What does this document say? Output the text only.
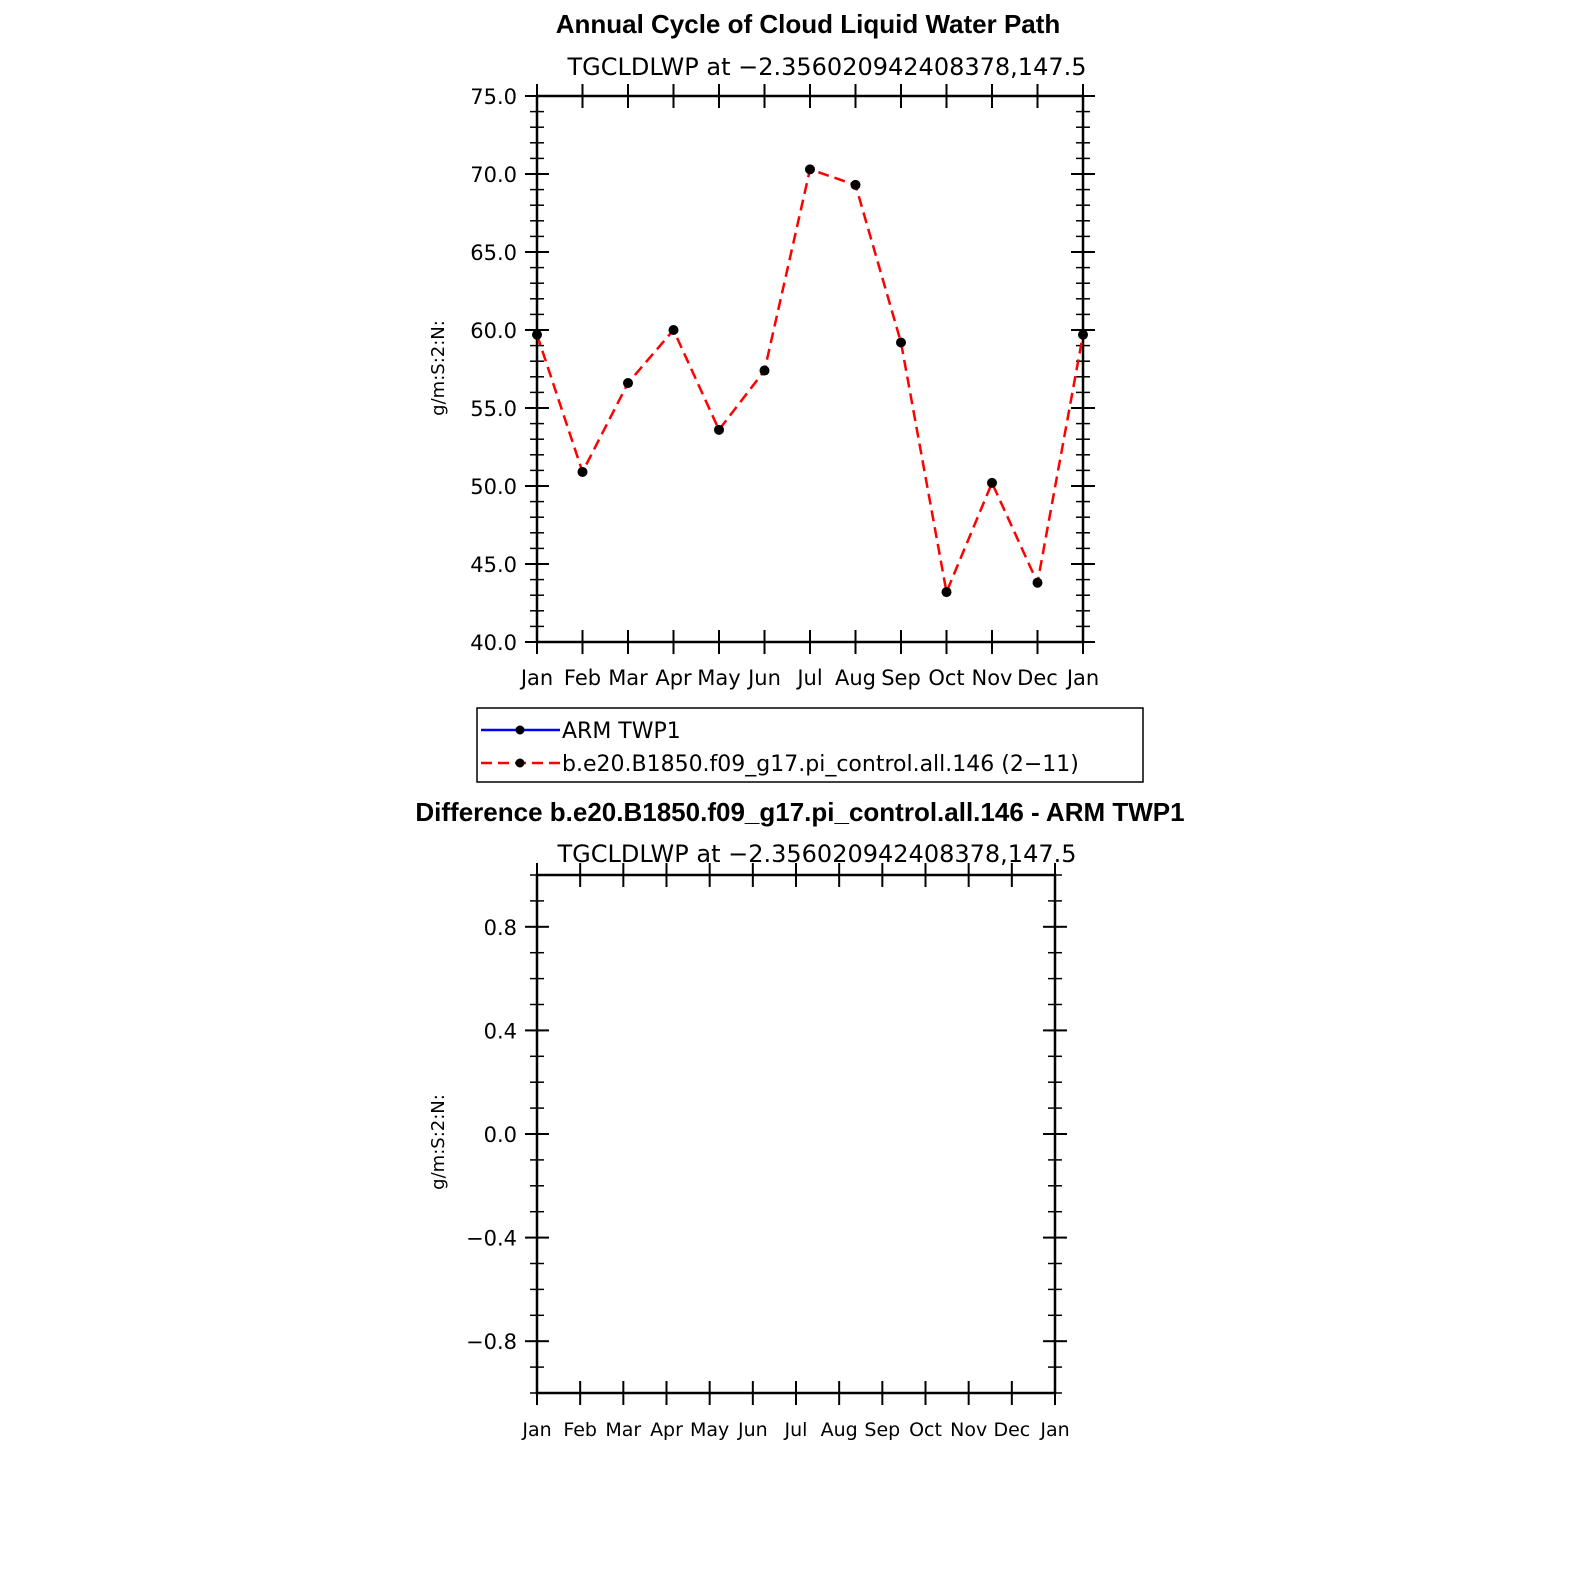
Annual Cycle of Cloud Liquid Water Path
TGCLDLWP at −2.356020942408378,147.5
g/m:S:2:N:
Jan Feb Mar Apr May Jun Jul Aug Sep Oct Nov Dec Jan
40.0
45.0
50.0
55.0
60.0
65.0
70.0
75.0
ARM TWP1
b.e20.B1850.f09_g17.pi_control.all.146 (2−11)
Difference b.e20.B1850.f09_g17.pi_control.all.146 - ARM TWP1
TGCLDLWP at −2.356020942408378,147.5
g/m:S:2:N:
Jan Feb Mar Apr May Jun Jul Aug Sep Oct Nov Dec Jan
−0.8
−0.4
0.0
0.4
0.8
